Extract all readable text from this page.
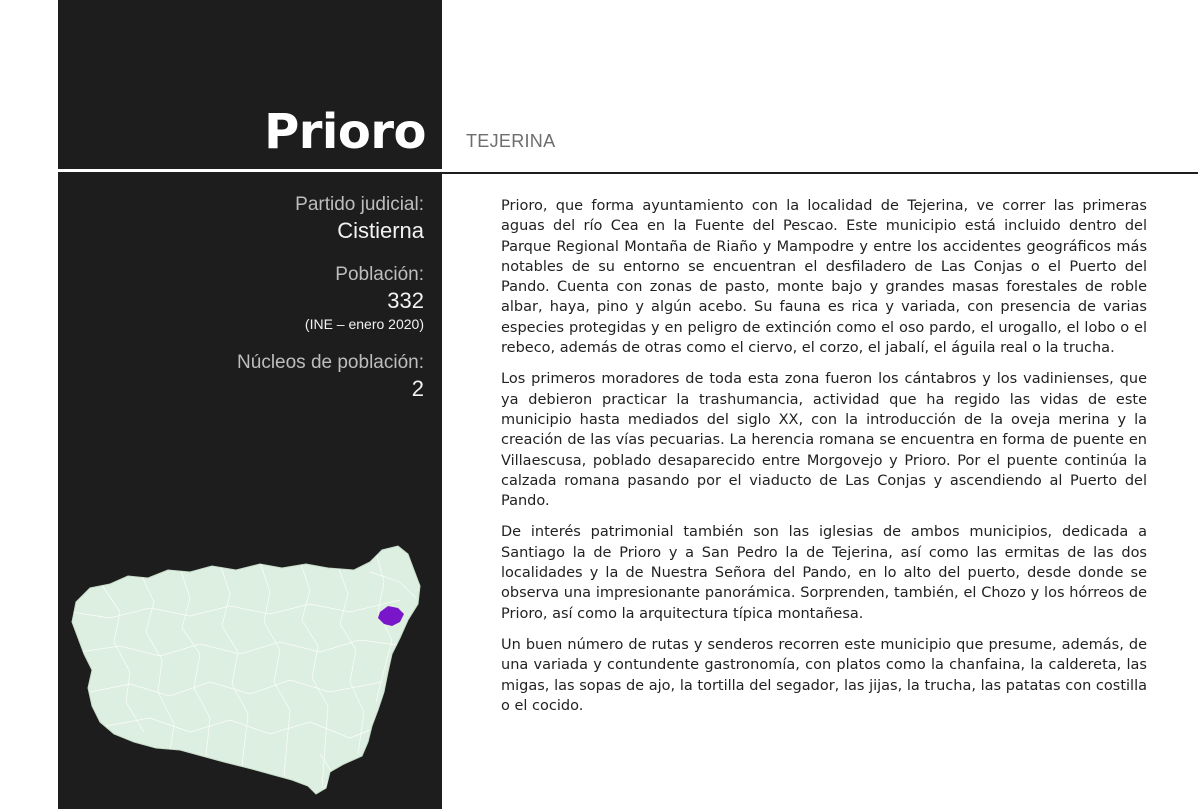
Prioro
Partido judicial:
Cistierna
Población:
332
(INE – enero 2020)
Núcleos de población:
2
TEJERINA

Prioro, que forma ayuntamiento con la localidad de Tejerina, ve correr las primeras aguas del río Cea en la Fuente del Pescao. Este municipio está incluido dentro del Parque Regional Montaña de Riaño y Mampodre y entre los accidentes geográficos más notables de su entorno se encuentran el desfiladero de Las Conjas o el Puerto del Pando. Cuenta con zonas de pasto, monte bajo y grandes masas forestales de roble albar, haya, pino y algún acebo. Su fauna es rica y variada, con presencia de varias especies protegidas y en peligro de extinción como el oso pardo, el urogallo, el lobo o el rebeco, además de otras como el ciervo, el corzo, el jabalí, el águila real o la trucha.

Los primeros moradores de toda esta zona fueron los cántabros y los vadinienses, que ya debieron practicar la trashumancia, actividad que ha regido las vidas de este municipio hasta mediados del siglo XX, con la introducción de la oveja merina y la creación de las vías pecuarias. La herencia romana se encuentra en forma de puente en Villaescusa, poblado desaparecido entre Morgovejo y Prioro. Por el puente continúa la calzada romana pasando por el viaducto de Las Conjas y ascendiendo al Puerto del Pando.

De interés patrimonial también son las iglesias de ambos municipios, dedicada a Santiago la de Prioro y a San Pedro la de Tejerina, así como las ermitas de las dos localidades y la de Nuestra Señora del Pando, en lo alto del puerto, desde donde se observa una impresionante panorámica. Sorprenden, también, el Chozo y los hórreos de Prioro, así como la arquitectura típica montañesa.

Un buen número de rutas y senderos recorren este municipio que presume, además, de una variada y contundente gastronomía, con platos como la chanfaina, la caldereta, las migas, las sopas de ajo, la tortilla del segador, las jijas, la trucha, las patatas con costilla o el cocido.
